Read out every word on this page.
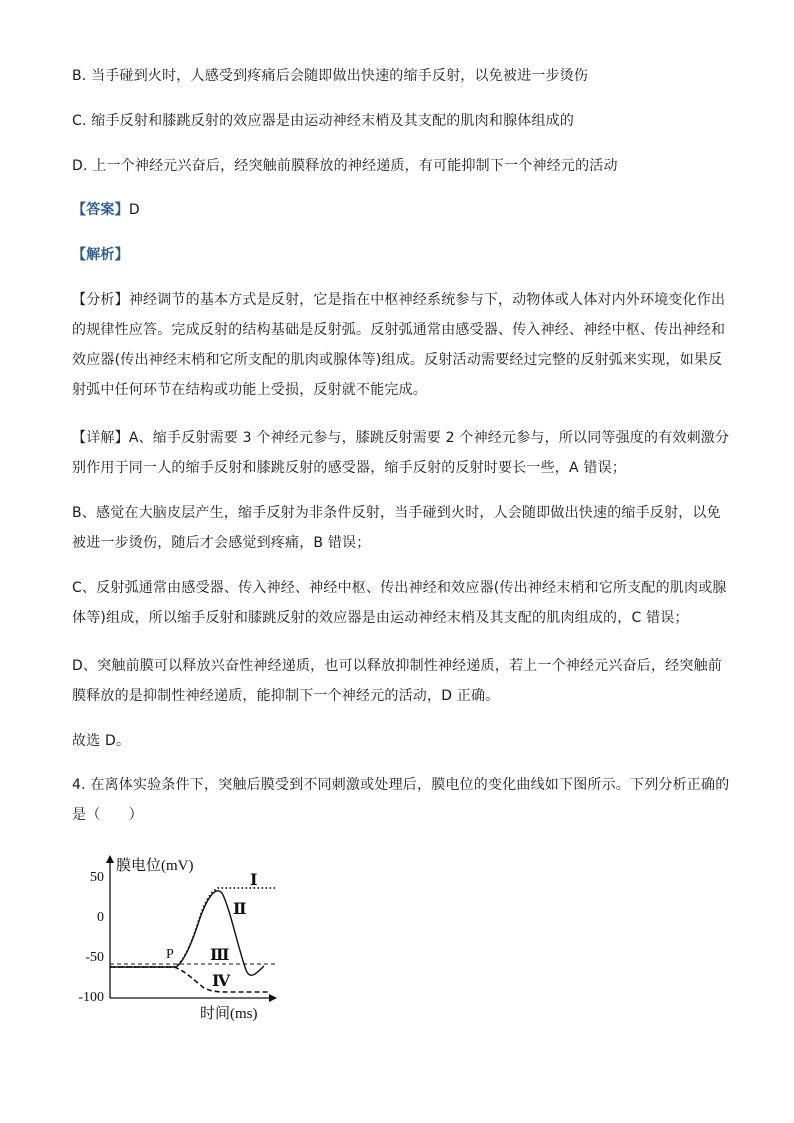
B. 当手碰到火时，人感受到疼痛后会随即做出快速的缩手反射，以免被进一步烫伤
C. 缩手反射和膝跳反射的效应器是由运动神经末梢及其支配的肌肉和腺体组成的
D. 上一个神经元兴奋后，经突触前膜释放的神经递质，有可能抑制下一个神经元的活动
【答案】D
【解析】
【分析】神经调节的基本方式是反射，它是指在中枢神经系统参与下，动物体或人体对内外环境变化作出
的规律性应答。完成反射的结构基础是反射弧。反射弧通常由感受器、传入神经、神经中枢、传出神经和
效应器(传出神经末梢和它所支配的肌肉或腺体等)组成。反射活动需要经过完整的反射弧来实现，如果反
射弧中任何环节在结构或功能上受损，反射就不能完成。
【详解】A、缩手反射需要 3 个神经元参与，膝跳反射需要 2 个神经元参与，所以同等强度的有效刺激分
别作用于同一人的缩手反射和膝跳反射的感受器，缩手反射的反射时要长一些，A 错误；
B、感觉在大脑皮层产生，缩手反射为非条件反射，当手碰到火时，人会随即做出快速的缩手反射，以免
被进一步烫伤，随后才会感觉到疼痛，B 错误；
C、反射弧通常由感受器、传入神经、神经中枢、传出神经和效应器(传出神经末梢和它所支配的肌肉或腺
体等)组成，所以缩手反射和膝跳反射的效应器是由运动神经末梢及其支配的肌肉组成的，C 错误；
D、突触前膜可以释放兴奋性神经递质，也可以释放抑制性神经递质，若上一个神经元兴奋后，经突触前
膜释放的是抑制性神经递质，能抑制下一个神经元的活动，D 正确。
故选 D。
4. 在离体实验条件下，突触后膜受到不同刺激或处理后，膜电位的变化曲线如下图所示。下列分析正确的
是（　　）
膜电位(mV)
时间(ms)
50
0
-50
-100
P
Ⅰ
Ⅱ
Ⅲ
Ⅳ
